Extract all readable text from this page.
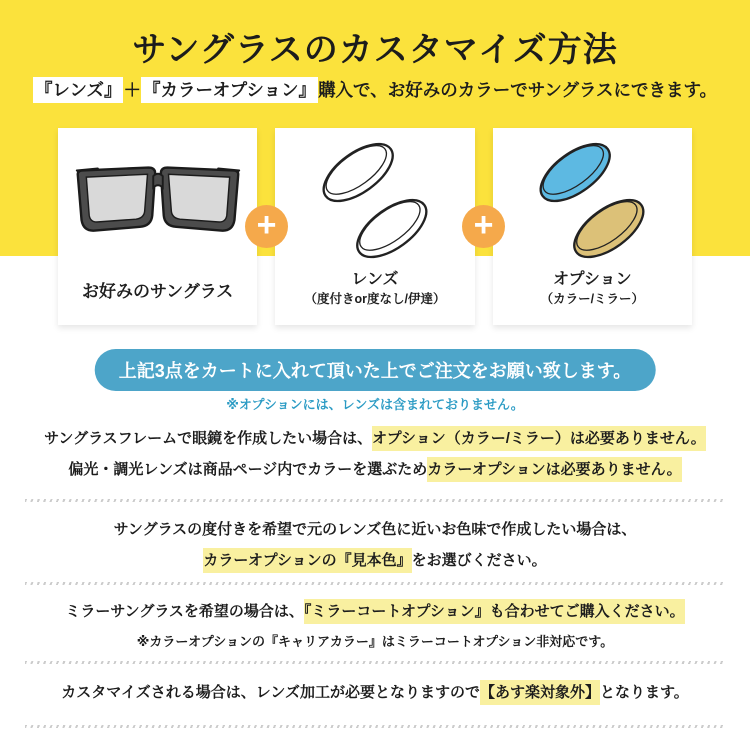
サングラスのカスタマイズ方法

『レンズ』 ＋ 『カラーオプション』 購入で、お好みのカラーでサングラスにできます。

お好みのサングラス
レンズ
（度付きor度なし/伊達）
オプション
（カラー/ミラー）
+	+
上記3点をカートに入れて頂いた上でご注文をお願い致します。

※オプションには、レンズは含まれておりません。

サングラスフレームで眼鏡を作成したい場合は、オプション（カラー/ミラー）は必要ありません。

偏光・調光レンズは商品ページ内でカラーを選ぶためカラーオプションは必要ありません。

サングラスの度付きを希望で元のレンズ色に近いお色味で作成したい場合は、

カラーオプションの『見本色』をお選びください。

ミラーサングラスを希望の場合は、『ミラーコートオプション』も合わせてご購入ください。

※カラーオプションの『キャリアカラー』はミラーコートオプション非対応です。

カスタマイズされる場合は、レンズ加工が必要となりますので【あす楽対象外】となります。
